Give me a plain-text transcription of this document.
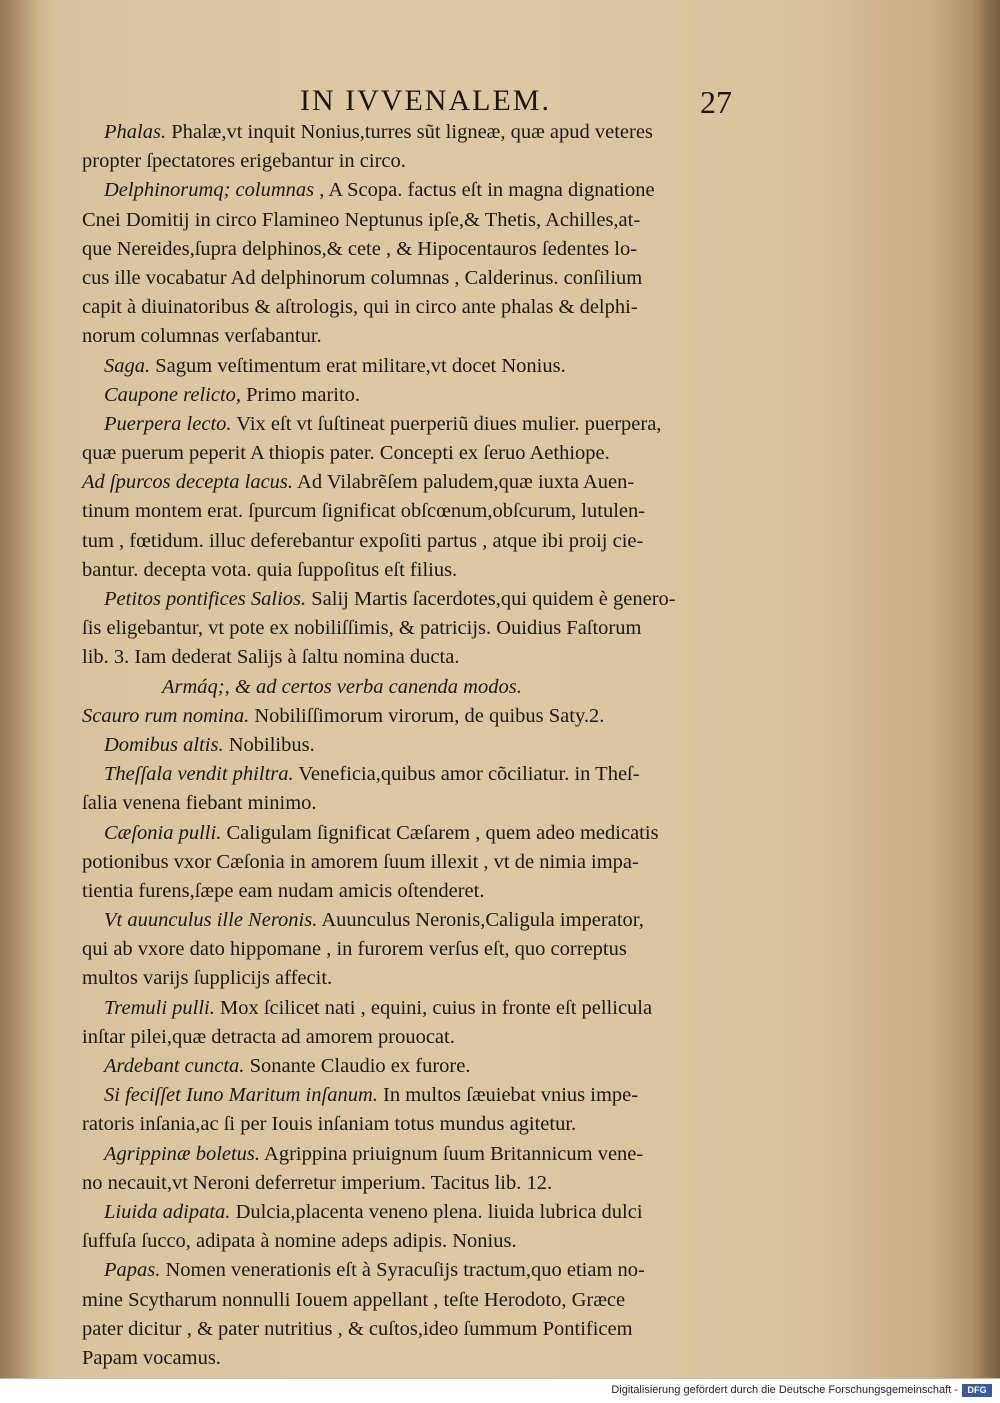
IN IVVENALEM.	27
Phalas. Phalæ,vt inquit Nonius,turres sũt ligneæ, quæ apud veteres
propter ſpectatores erigebantur in circo.
Delphinorumq; columnas , A Scopa. factus eſt in magna dignatione
Cnei Domitij in circo Flamineo Neptunus ipſe,& Thetis, Achilles,at-
que Nereides,ſupra delphinos,& cete , & Hipocentauros ſedentes lo-
cus ille vocabatur Ad delphinorum columnas , Calderinus. conſilium
capit à diuinatoribus & aſtrologis, qui in circo ante phalas & delphi-
norum columnas verſabantur.
Saga. Sagum veſtimentum erat militare,vt docet Nonius.
Caupone relicto, Primo marito.
Puerpera lecto. Vix eſt vt ſuſtineat puerperiũ diues mulier. puerpera,
quæ puerum peperit A thiopis pater. Concepti ex ſeruo Aethiope.
Ad ſpurcos decepta lacus. Ad Vilabrẽſem paludem,quæ iuxta Auen-
tinum montem erat. ſpurcum ſignificat obſcœnum,obſcurum, lutulen-
tum , fœtidum. illuc deferebantur expoſiti partus , atque ibi proij cie-
bantur. decepta vota. quia ſuppoſitus eſt filius.
Petitos pontifices Salios. Salij Martis ſacerdotes,qui quidem è genero-
ſis eligebantur, vt pote ex nobiliſſimis, & patricijs. Ouidius Faſtorum
lib. 3. Iam dederat Salijs à ſaltu nomina ducta.
Armáq;, & ad certos verba canenda modos.
Scauro rum nomina. Nobiliſſimorum virorum, de quibus Saty.2.
Domibus altis. Nobilibus.
Theſſala vendit philtra. Veneficia,quibus amor cõciliatur. in Theſ-
ſalia venena fiebant minimo.
Cæſonia pulli. Caligulam ſignificat Cæſarem , quem adeo medicatis
potionibus vxor Cæſonia in amorem ſuum illexit , vt de nimia impa-
tientia furens,ſæpe eam nudam amicis oſtenderet.
Vt auunculus ille Neronis. Auunculus Neronis,Caligula imperator,
qui ab vxore dato hippomane , in furorem verſus eſt, quo correptus
multos varijs ſupplicijs affecit.
Tremuli pulli. Mox ſcilicet nati , equini, cuius in fronte eſt pellicula
inſtar pilei,quæ detracta ad amorem prouocat.
Ardebant cuncta. Sonante Claudio ex furore.
Si feciſſet Iuno Maritum inſanum. In multos ſæuiebat vnius impe-
ratoris inſania,ac ſi per Iouis inſaniam totus mundus agitetur.
Agrippinæ boletus. Agrippina priuignum ſuum Britannicum vene-
no necauit,vt Neroni deferretur imperium. Tacitus lib. 12.
Liuida adipata. Dulcia,placenta veneno plena. liuida lubrica dulci
ſuffuſa ſucco, adipata à nomine adeps adipis. Nonius.
Papas. Nomen venerationis eſt à Syracuſijs tractum,quo etiam no-
mine Scytharum nonnulli Iouem appellant , teſte Herodoto, Græce
pater dicitur , & pater nutritius , & cuſtos,ideo ſummum Pontificem
Papam vocamus.
Digitalisierung gefördert durch die Deutsche Forschungsgemeinschaft -	DFG
